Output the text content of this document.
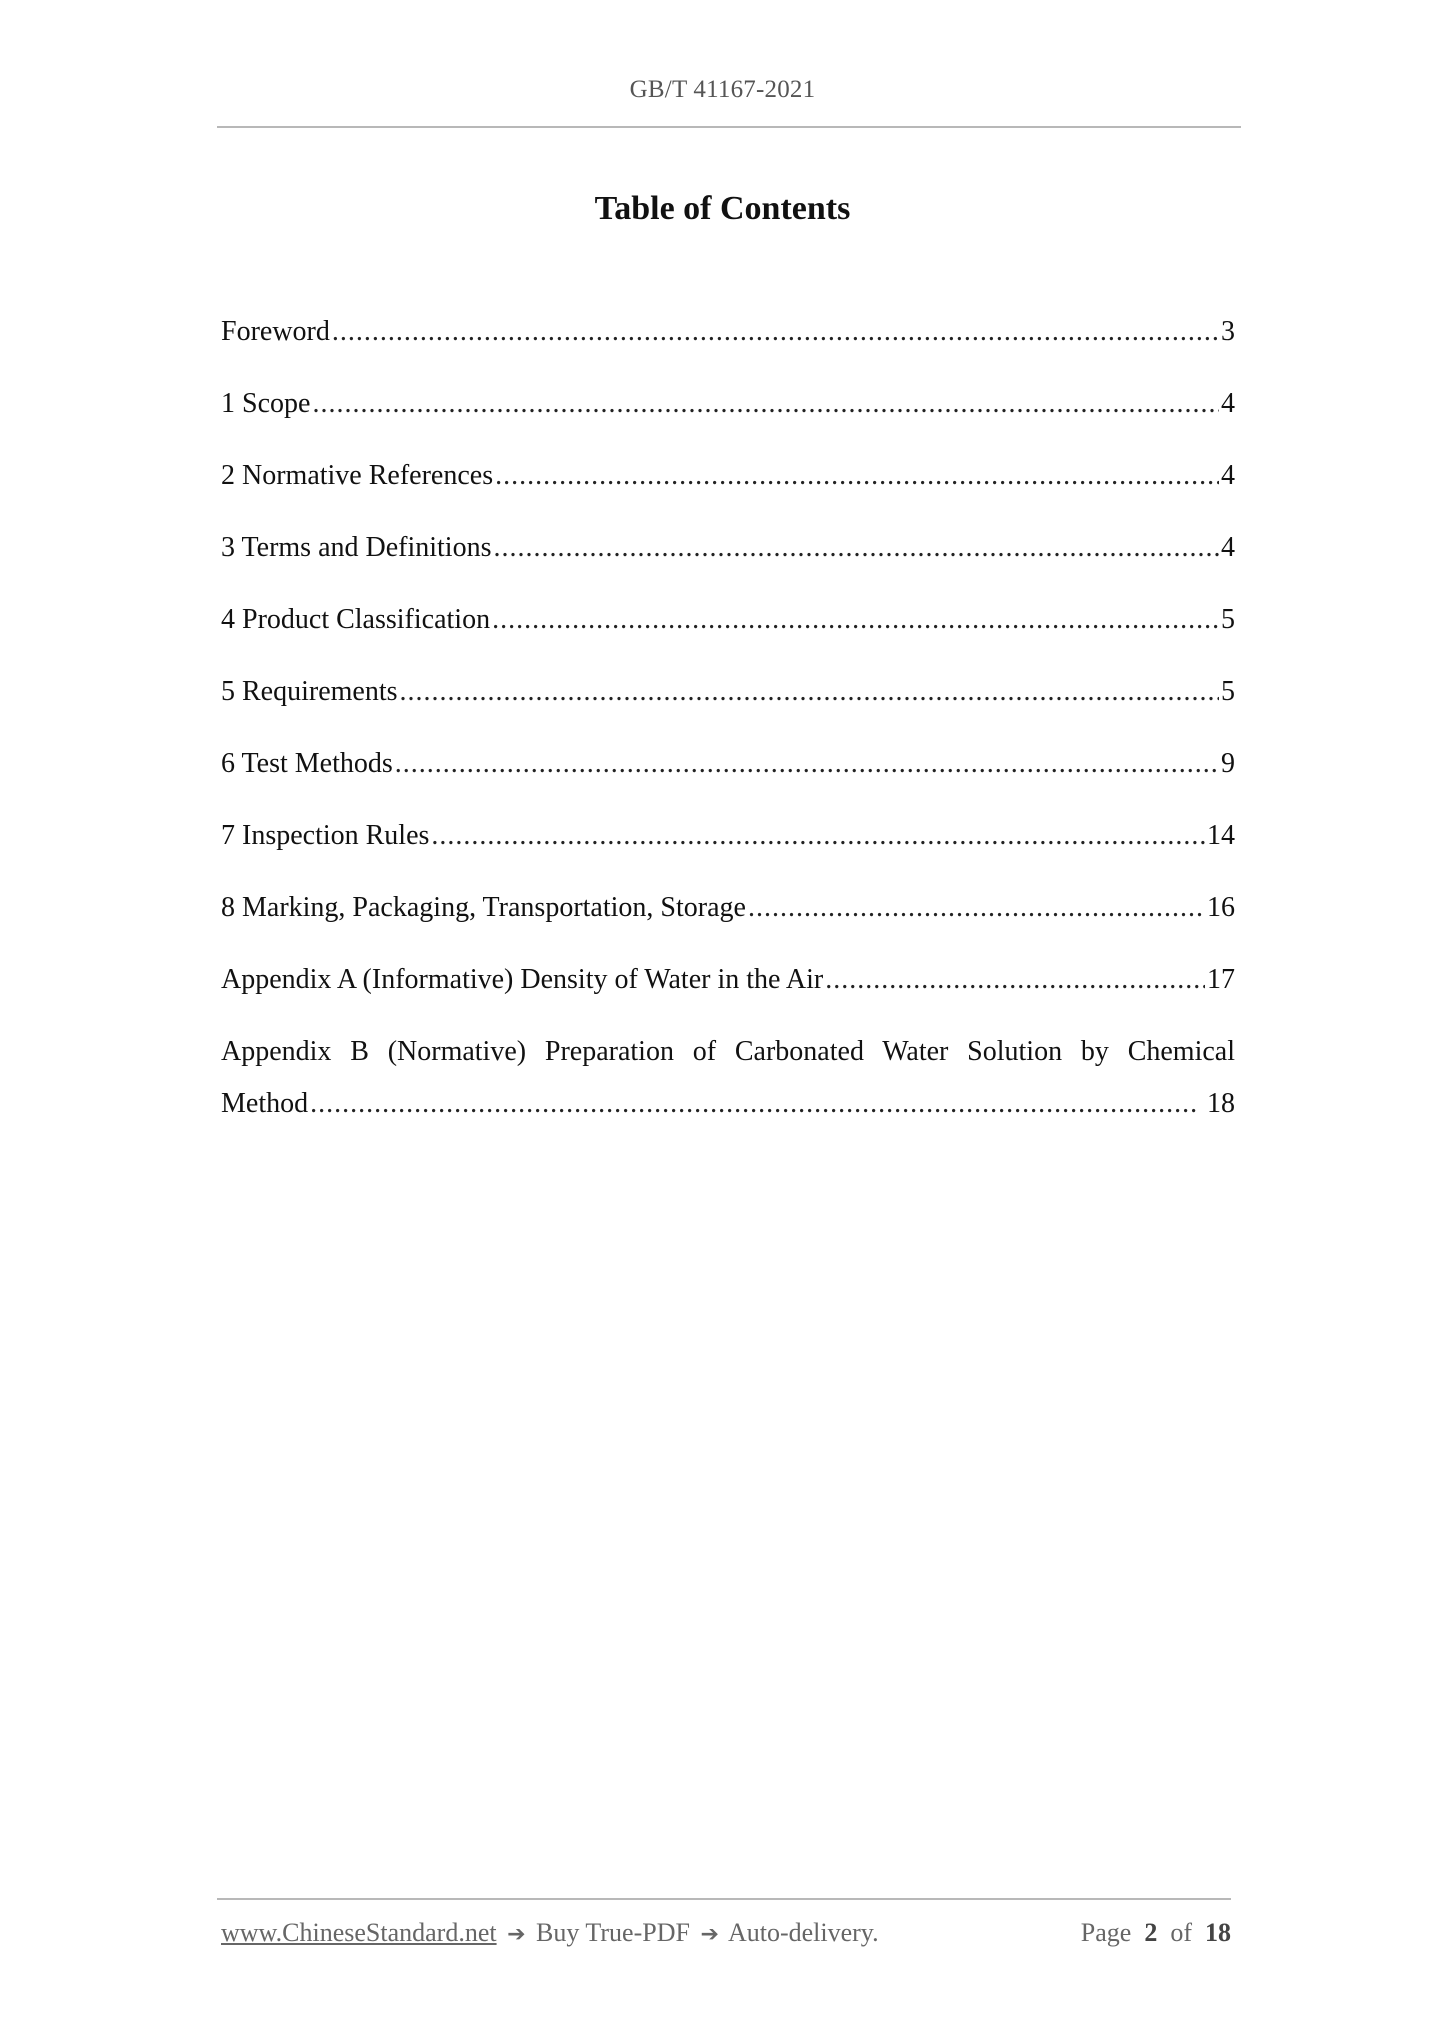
GB/T 41167-2021
Table of Contents
Foreword .....	3
1 Scope .....	4
2 Normative References .....	4
3 Terms and Definitions .....	4
4 Product Classification .....	5
5 Requirements .....	5
6 Test Methods .....	9
7 Inspection Rules .....	14
8 Marking, Packaging, Transportation, Storage .....	16
Appendix A (Informative) Density of Water in the Air .....	17
Appendix B (Normative) Preparation of Carbonated Water Solution by Chemical
Method .....	18
www.ChineseStandard.net ➔ Buy True-PDF ➔ Auto-delivery.	Page 2 of 18
